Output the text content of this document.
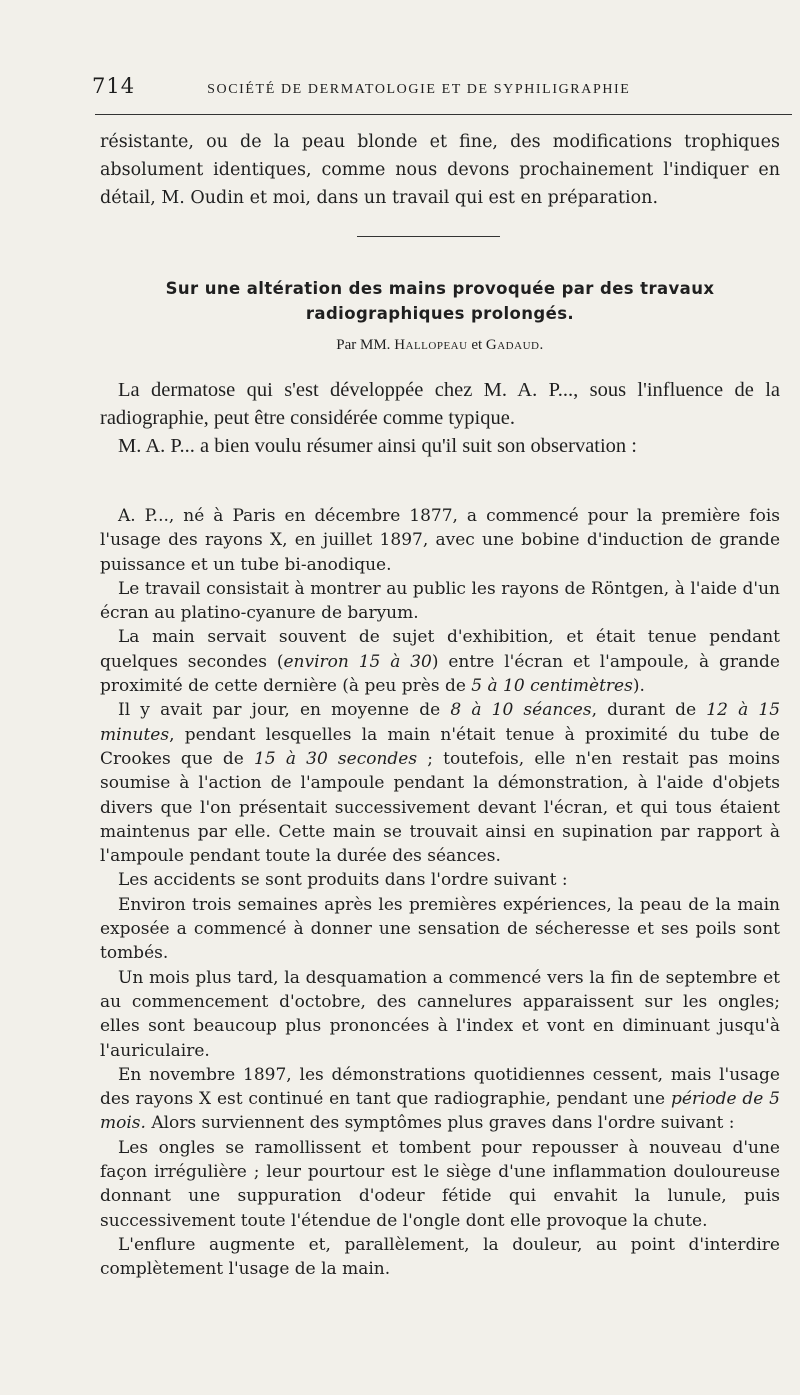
714	SOCIÉTÉ DE DERMATOLOGIE ET DE SYPHILIGRAPHIE

résistante, ou de la peau blonde et fine, des modifications trophiques absolument identiques, comme nous devons prochainement l'indiquer en détail, M. Oudin et moi, dans un travail qui est en préparation.

Sur une altération des mains provoquée par des travaux
radiographiques prolongés.
Par MM. Hallopeau et Gadaud.

La dermatose qui s'est développée chez M. A. P..., sous l'influence de la radiographie, peut être considérée comme typique.

M. A. P... a bien voulu résumer ainsi qu'il suit son observation :

A. P..., né à Paris en décembre 1877, a commencé pour la première fois l'usage des rayons X, en juillet 1897, avec une bobine d'induction de grande puissance et un tube bi-anodique.

Le travail consistait à montrer au public les rayons de Röntgen, à l'aide d'un écran au platino-cyanure de baryum.

La main servait souvent de sujet d'exhibition, et était tenue pendant quelques secondes (environ 15 à 30) entre l'écran et l'ampoule, à grande proximité de cette dernière (à peu près de 5 à 10 centimètres).

Il y avait par jour, en moyenne de 8 à 10 séances, durant de 12 à 15 minutes, pendant lesquelles la main n'était tenue à proximité du tube de Crookes que de 15 à 30 secondes ; toutefois, elle n'en restait pas moins soumise à l'action de l'ampoule pendant la démonstration, à l'aide d'objets divers que l'on présentait successivement devant l'écran, et qui tous étaient maintenus par elle. Cette main se trouvait ainsi en supination par rapport à l'ampoule pendant toute la durée des séances.

Les accidents se sont produits dans l'ordre suivant :

Environ trois semaines après les premières expériences, la peau de la main exposée a commencé à donner une sensation de sécheresse et ses poils sont tombés.

Un mois plus tard, la desquamation a commencé vers la fin de septembre et au commencement d'octobre, des cannelures apparaissent sur les ongles; elles sont beaucoup plus prononcées à l'index et vont en diminuant jusqu'à l'auriculaire.

En novembre 1897, les démonstrations quotidiennes cessent, mais l'usage des rayons X est continué en tant que radiographie, pendant une période de 5 mois. Alors surviennent des symptômes plus graves dans l'ordre suivant :

Les ongles se ramollissent et tombent pour repousser à nouveau d'une façon irrégulière ; leur pourtour est le siège d'une inflammation douloureuse donnant une suppuration d'odeur fétide qui envahit la lunule, puis successivement toute l'étendue de l'ongle dont elle provoque la chute.

L'enflure augmente et, parallèlement, la douleur, au point d'interdire complètement l'usage de la main.
